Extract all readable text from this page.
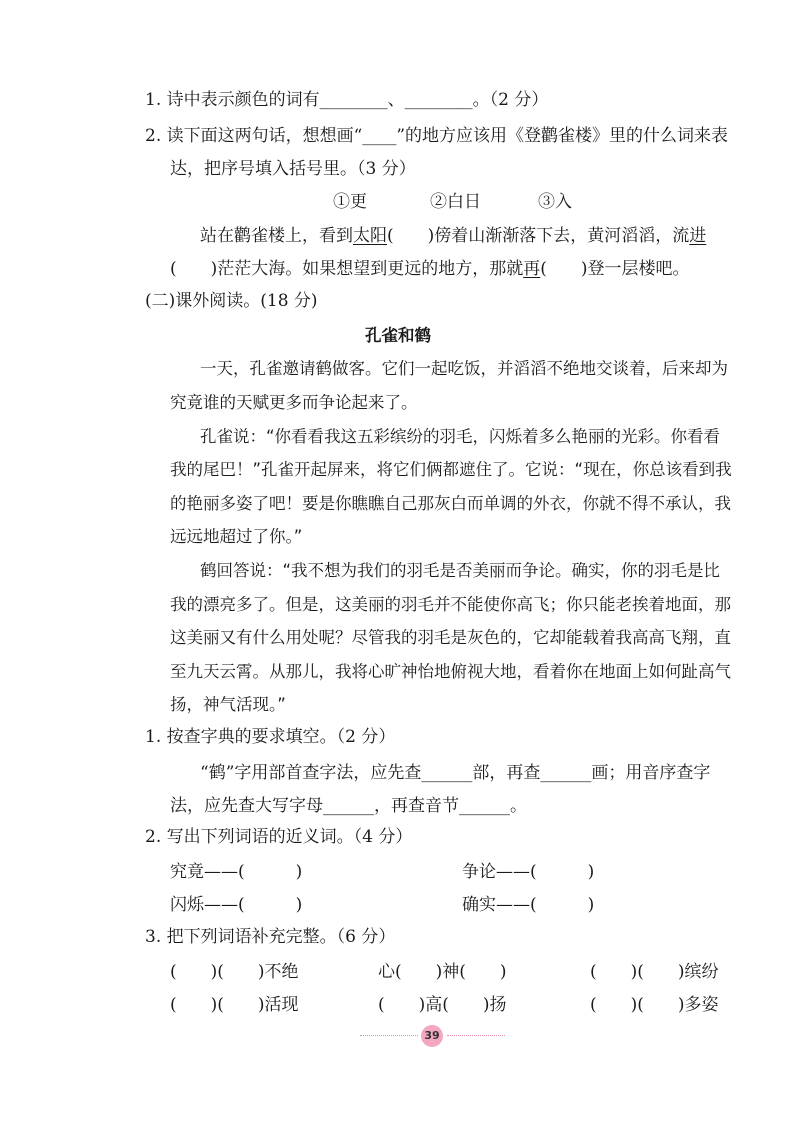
1. 诗中表示颜色的词有________、________。（2 分）
2. 读下面这两句话，想想画“____”的地方应该用《登鹳雀楼》里的什么词来表
达，把序号填入括号里。（3 分）
①更	②白日	③入
站在鹳雀楼上，看到太阳(　　)傍着山渐渐落下去，黄河滔滔，流进
(　　)茫茫大海。如果想望到更远的地方，那就再(　　)登一层楼吧。
(二)课外阅读。(18 分)
孔雀和鹤
一天，孔雀邀请鹤做客。它们一起吃饭，并滔滔不绝地交谈着，后来却为
究竟谁的天赋更多而争论起来了。
孔雀说：“你看看我这五彩缤纷的羽毛，闪烁着多么艳丽的光彩。你看看
我的尾巴！”孔雀开起屏来，将它们俩都遮住了。它说：“现在，你总该看到我
的艳丽多姿了吧！要是你瞧瞧自己那灰白而单调的外衣，你就不得不承认，我
远远地超过了你。”
鹤回答说：“我不想为我们的羽毛是否美丽而争论。确实，你的羽毛是比
我的漂亮多了。但是，这美丽的羽毛并不能使你高飞；你只能老挨着地面，那
这美丽又有什么用处呢？尽管我的羽毛是灰色的，它却能载着我高高飞翔，直
至九天云霄。从那儿，我将心旷神怡地俯视大地，看着你在地面上如何趾高气
扬，神气活现。”
1. 按查字典的要求填空。（2 分）
“鹤”字用部首查字法，应先查______部，再查______画；用音序查字
法，应先查大写字母______，再查音节______。
2. 写出下列词语的近义词。（4 分）
究竟——(　　　)	争论——(　　　)
闪烁——(　　　)	确实——(　　　)
3. 把下列词语补充完整。（6 分）
(　　)(　　)不绝	心(　　)神(　　)	(　　)(　　)缤纷
(　　)(　　)活现	(　　)高(　　)扬	(　　)(　　)多姿
39
